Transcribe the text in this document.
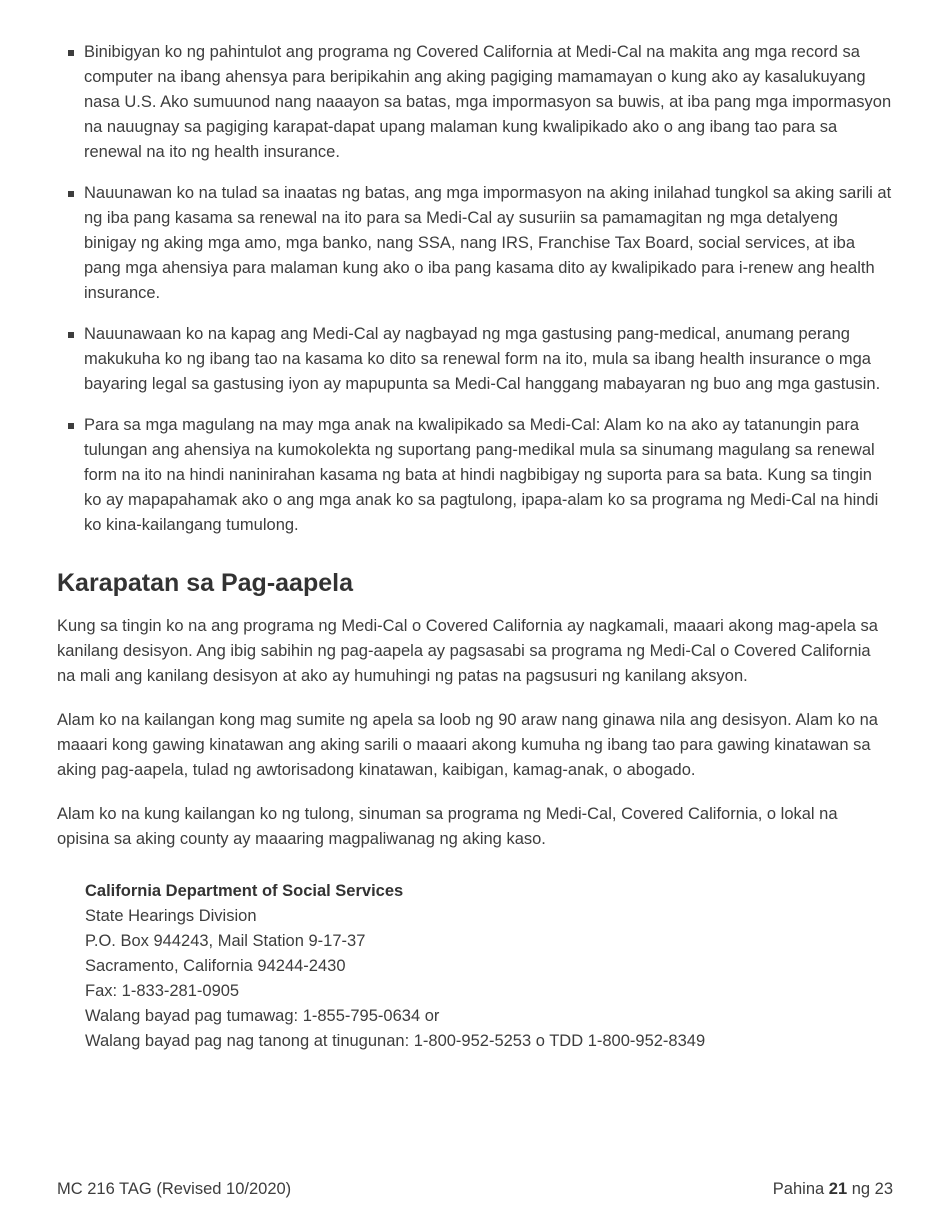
Binibigyan ko ng pahintulot ang programa ng Covered California at Medi-Cal na makita ang mga record sa computer na ibang ahensya para beripikahin ang aking pagiging mamamayan o kung ako ay kasalukuyang nasa U.S. Ako sumuunod nang naaayon sa batas, mga impormasyon sa buwis, at iba pang mga impormasyon na nauugnay sa pagiging karapat-dapat upang malaman kung kwalipikado ako o ang ibang tao para sa renewal na ito ng health insurance.
Nauunawan ko na tulad sa inaatas ng batas, ang mga impormasyon na aking inilahad tungkol sa aking sarili at ng iba pang kasama sa renewal na ito para sa Medi-Cal ay susuriin sa pamamagitan ng mga detalyeng binigay ng aking mga amo, mga banko, nang SSA, nang IRS, Franchise Tax Board, social services, at iba pang mga ahensiya para malaman kung ako o iba pang kasama dito ay kwalipikado para i-renew ang health insurance.
Nauunawaan ko na kapag ang Medi-Cal ay nagbayad ng mga gastusing pang-medical, anumang perang makukuha ko ng ibang tao na kasama ko dito sa renewal form na ito, mula sa ibang health insurance o mga bayaring legal sa gastusing iyon ay mapupunta sa Medi-Cal hanggang mabayaran ng buo ang mga gastusin.
Para sa mga magulang na may mga anak na kwalipikado sa Medi-Cal: Alam ko na ako ay tatanungin para tulungan ang ahensiya na kumokolekta ng suportang pang-medikal mula sa sinumang magulang sa renewal form na ito na hindi naninirahan kasama ng bata at hindi nagbibigay ng suporta para sa bata. Kung sa tingin ko ay mapapahamak ako o ang mga anak ko sa pagtulong, ipapa-alam ko sa programa ng Medi-Cal na hindi ko kina-kailangang tumulong.
Karapatan sa Pag-aapela

Kung sa tingin ko na ang programa ng Medi-Cal o Covered California ay nagkamali, maaari akong mag-apela sa kanilang desisyon. Ang ibig sabihin ng pag-aapela ay pagsasabi sa programa ng Medi-Cal o Covered California na mali ang kanilang desisyon at ako ay humuhingi ng patas na pagsusuri ng kanilang aksyon.

Alam ko na kailangan kong mag sumite ng apela sa loob ng 90 araw nang ginawa nila ang desisyon. Alam ko na maaari kong gawing kinatawan ang aking sarili o maaari akong kumuha ng ibang tao para gawing kinatawan sa aking pag-aapela, tulad ng awtorisadong kinatawan, kaibigan, kamag-anak, o abogado.

Alam ko na kung kailangan ko ng tulong, sinuman sa programa ng Medi-Cal, Covered California, o lokal na opisina sa aking county ay maaaring magpaliwanag ng aking kaso.

California Department of Social Services
State Hearings Division
P.O. Box 944243, Mail Station 9-17-37
Sacramento, California 94244-2430
Fax: 1-833-281-0905
Walang bayad pag tumawag: 1-855-795-0634 or
Walang bayad pag nag tanong at tinugunan: 1-800-952-5253 o TDD 1-800-952-8349
MC 216 TAG (Revised 10/2020)	Pahina 21 ng 23
